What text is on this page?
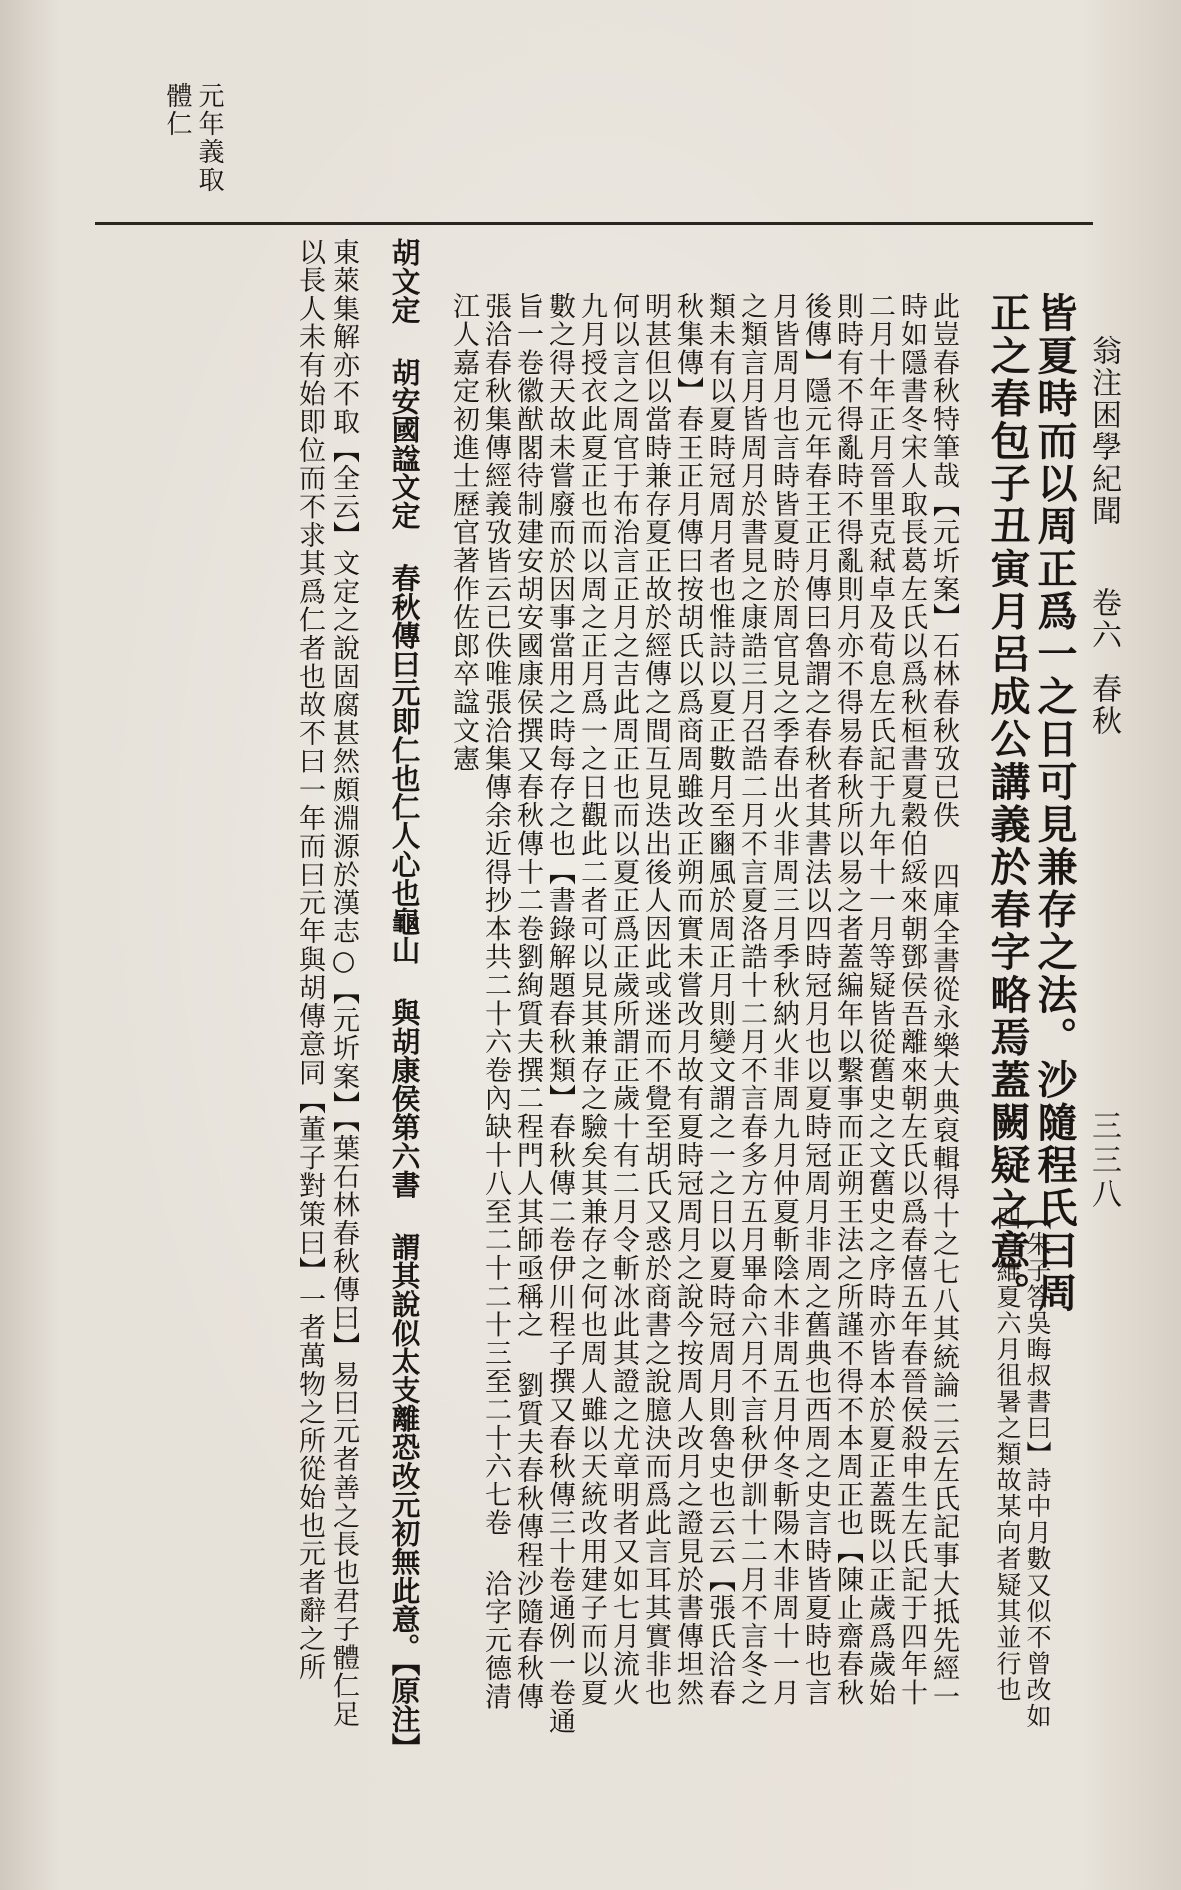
翁注困學紀聞卷六春秋
三三八
元年義取
體仁
【朱子答吳晦叔書曰】詩中月數又似不曾改如
四月維夏六月徂暑之類故某向者疑其並行也
皆夏時而以周正爲一之日可見兼存之法。沙隨程氏曰周
正之春包子丑寅月呂成公講義於春字略焉蓋闕疑之意。
此豈春秋特筆哉【元圻案】石林春秋攷已佚 四庫全書從永樂大典裒輯得十之七八其統論二云左氏記事大抵先經一
時如隱書冬宋人取長葛左氏以爲秋桓書夏穀伯綏來朝鄧侯吾離來朝左氏以爲春僖五年春晉侯殺申生左氏記于四年十
二月十年正月晉里克弒卓及荀息左氏記于九年十一月等疑皆從舊史之文舊史之序時亦皆本於夏正蓋既以正歲爲歲始
則時有不得亂時不得亂則月亦不得易春秋所以易之者蓋編年以繫事而正朔王法之所謹不得不本周正也【陳止齋春秋
後傳】隱元年春王正月傳曰魯謂之春秋者其書法以四時冠月也以夏時冠周月非周之舊典也西周之史言時皆夏時也言
月皆周月也言時皆夏時於周官見之季春出火非周三月季秋納火非周九月仲夏斬陰木非周五月仲冬斬陽木非周十一月
之類言月皆周月於書見之康誥三月召誥二月不言夏洛誥十二月不言春多方五月畢命六月不言秋伊訓十二月不言冬之
類未有以夏時冠周月者也惟詩以夏正數月至豳風於周正月則變文謂之一之日以夏時冠周月則魯史也云云【張氏洽春
秋集傳】春王正月傳曰按胡氏以爲商周雖改正朔而實未嘗改月故有夏時冠周月之說今按周人改月之證見於書傳坦然
明甚但以當時兼存夏正故於經傳之間互見迭出後人因此或迷而不覺至胡氏又惑於商書之說臆決而爲此言耳其實非也
何以言之周官于布治言正月之吉此周正也而以夏正爲正歲所謂正歲十有二月令斬冰此其證之尤章明者又如七月流火
九月授衣此夏正也而以周之正月爲一之日觀此二者可以見其兼存之驗矣其兼存之何也周人雖以天統改用建子而以夏
數之得天故未嘗廢而於因事當用之時每存之也【書錄解題春秋類】春秋傳二卷伊川程子撰又春秋傳三十卷通例一卷通
旨一卷徽猷閣待制建安胡安國康侯撰又春秋傳十二卷劉絢質夫撰二程門人其師亟稱之 劉質夫春秋傳程沙隨春秋傳
張洽春秋集傳經義攷皆云已佚唯張洽集傳余近得抄本共二十六卷內缺十八至二十二十三至二十六七卷 洽字元德清
江人嘉定初進士歷官著作佐郎卒諡文憲
胡文定 胡安國諡文定 春秋傳曰元即仁也仁人心也龜山 與胡康侯第六書 謂其說似太支離恐改元初無此意。【原注】
東萊集解亦不取【全云】文定之說固腐甚然頗淵源於漢志○【元圻案】【葉石林春秋傳曰】易曰元者善之長也君子體仁足
以長人未有始即位而不求其爲仁者也故不曰一年而曰元年與胡傳意同【董子對策曰】一者萬物之所從始也元者辭之所
